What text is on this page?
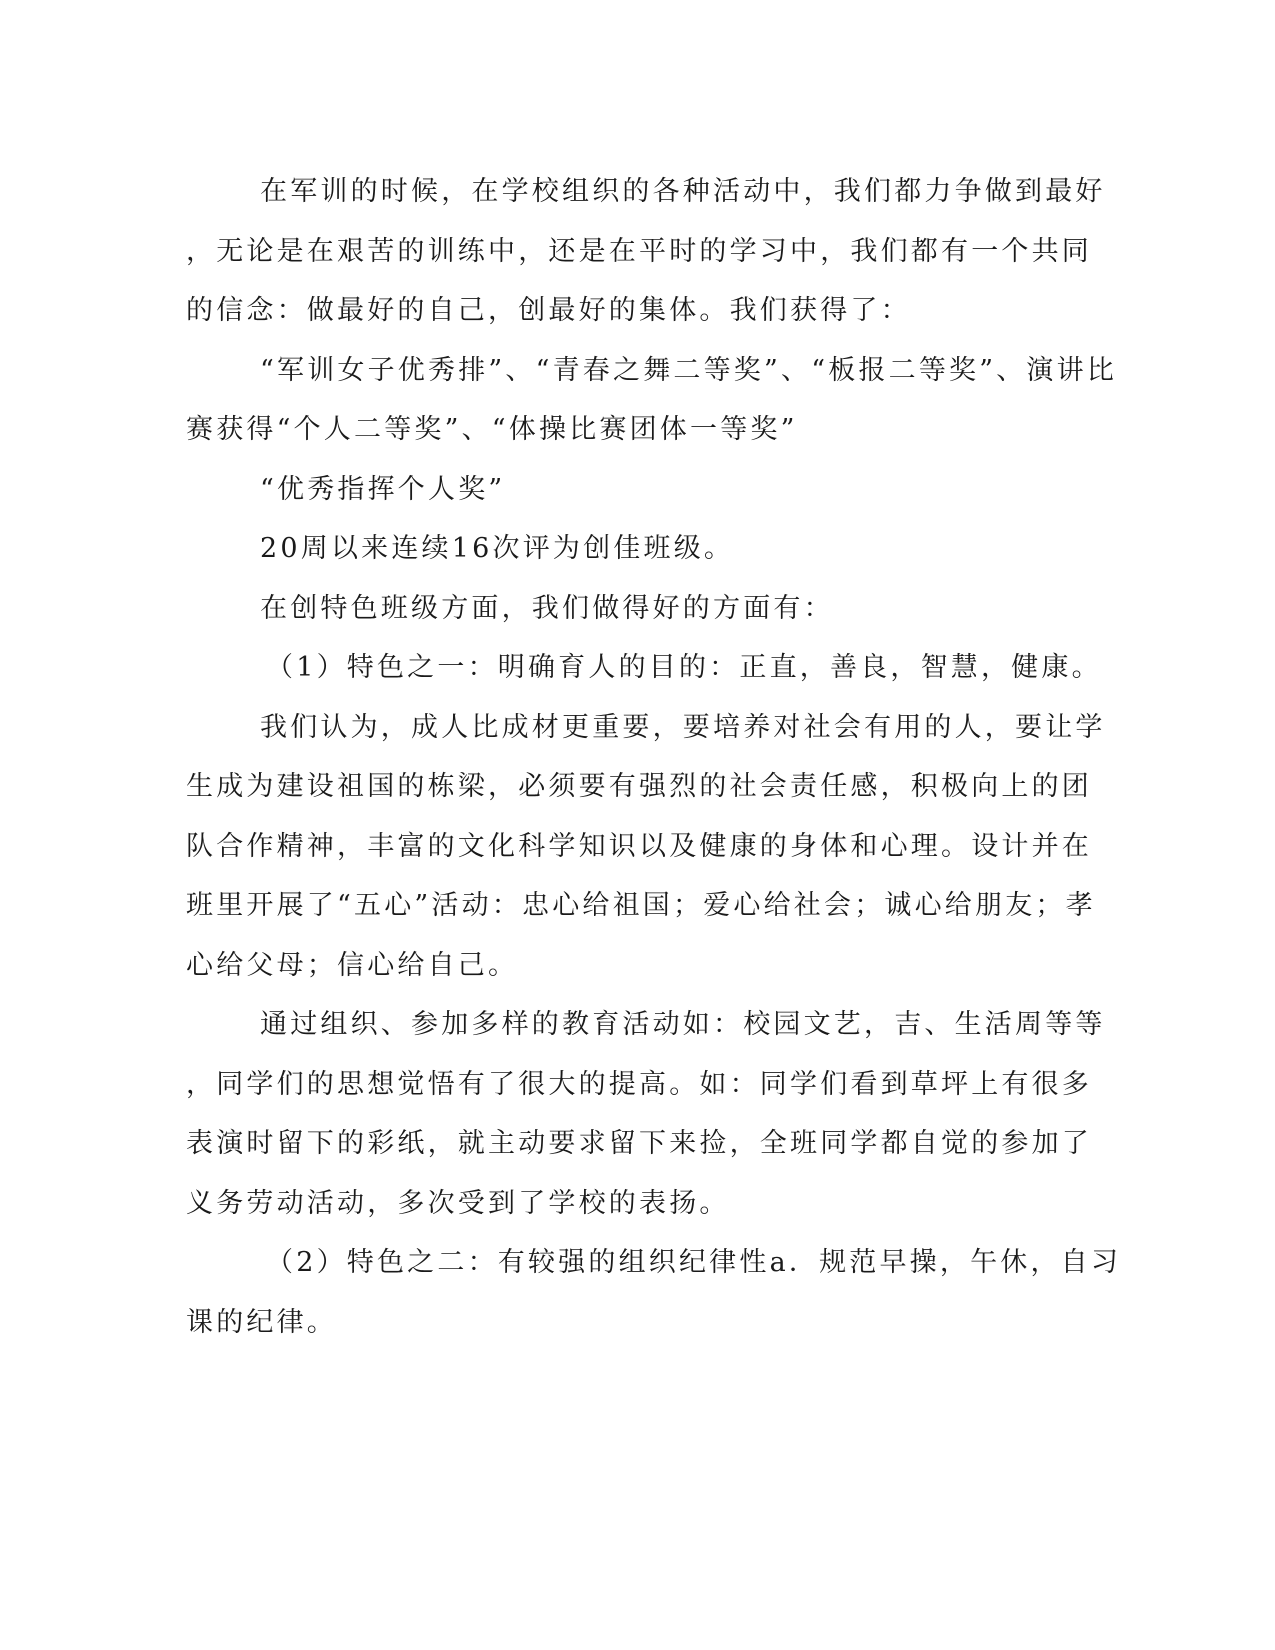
在军训的时候，在学校组织的各种活动中，我们都力争做到最好
，无论是在艰苦的训练中，还是在平时的学习中，我们都有一个共同
的信念：做最好的自己，创最好的集体。我们获得了：
“军训女子优秀排”、“青春之舞二等奖”、“板报二等奖”、演讲比
赛获得“个人二等奖”、“体操比赛团体一等奖”
“优秀指挥个人奖”
20周以来连续16次评为创佳班级。
在创特色班级方面，我们做得好的方面有：
（1）特色之一：明确育人的目的：正直，善良，智慧，健康。
我们认为，成人比成材更重要，要培养对社会有用的人，要让学
生成为建设祖国的栋梁，必须要有强烈的社会责任感，积极向上的团
队合作精神，丰富的文化科学知识以及健康的身体和心理。设计并在
班里开展了“五心”活动：忠心给祖国；爱心给社会；诚心给朋友；孝
心给父母；信心给自己。
通过组织、参加多样的教育活动如：校园文艺，吉、生活周等等
，同学们的思想觉悟有了很大的提高。如：同学们看到草坪上有很多
表演时留下的彩纸，就主动要求留下来捡，全班同学都自觉的参加了
义务劳动活动，多次受到了学校的表扬。
（2）特色之二：有较强的组织纪律性a．规范早操，午休，自习
课的纪律。
